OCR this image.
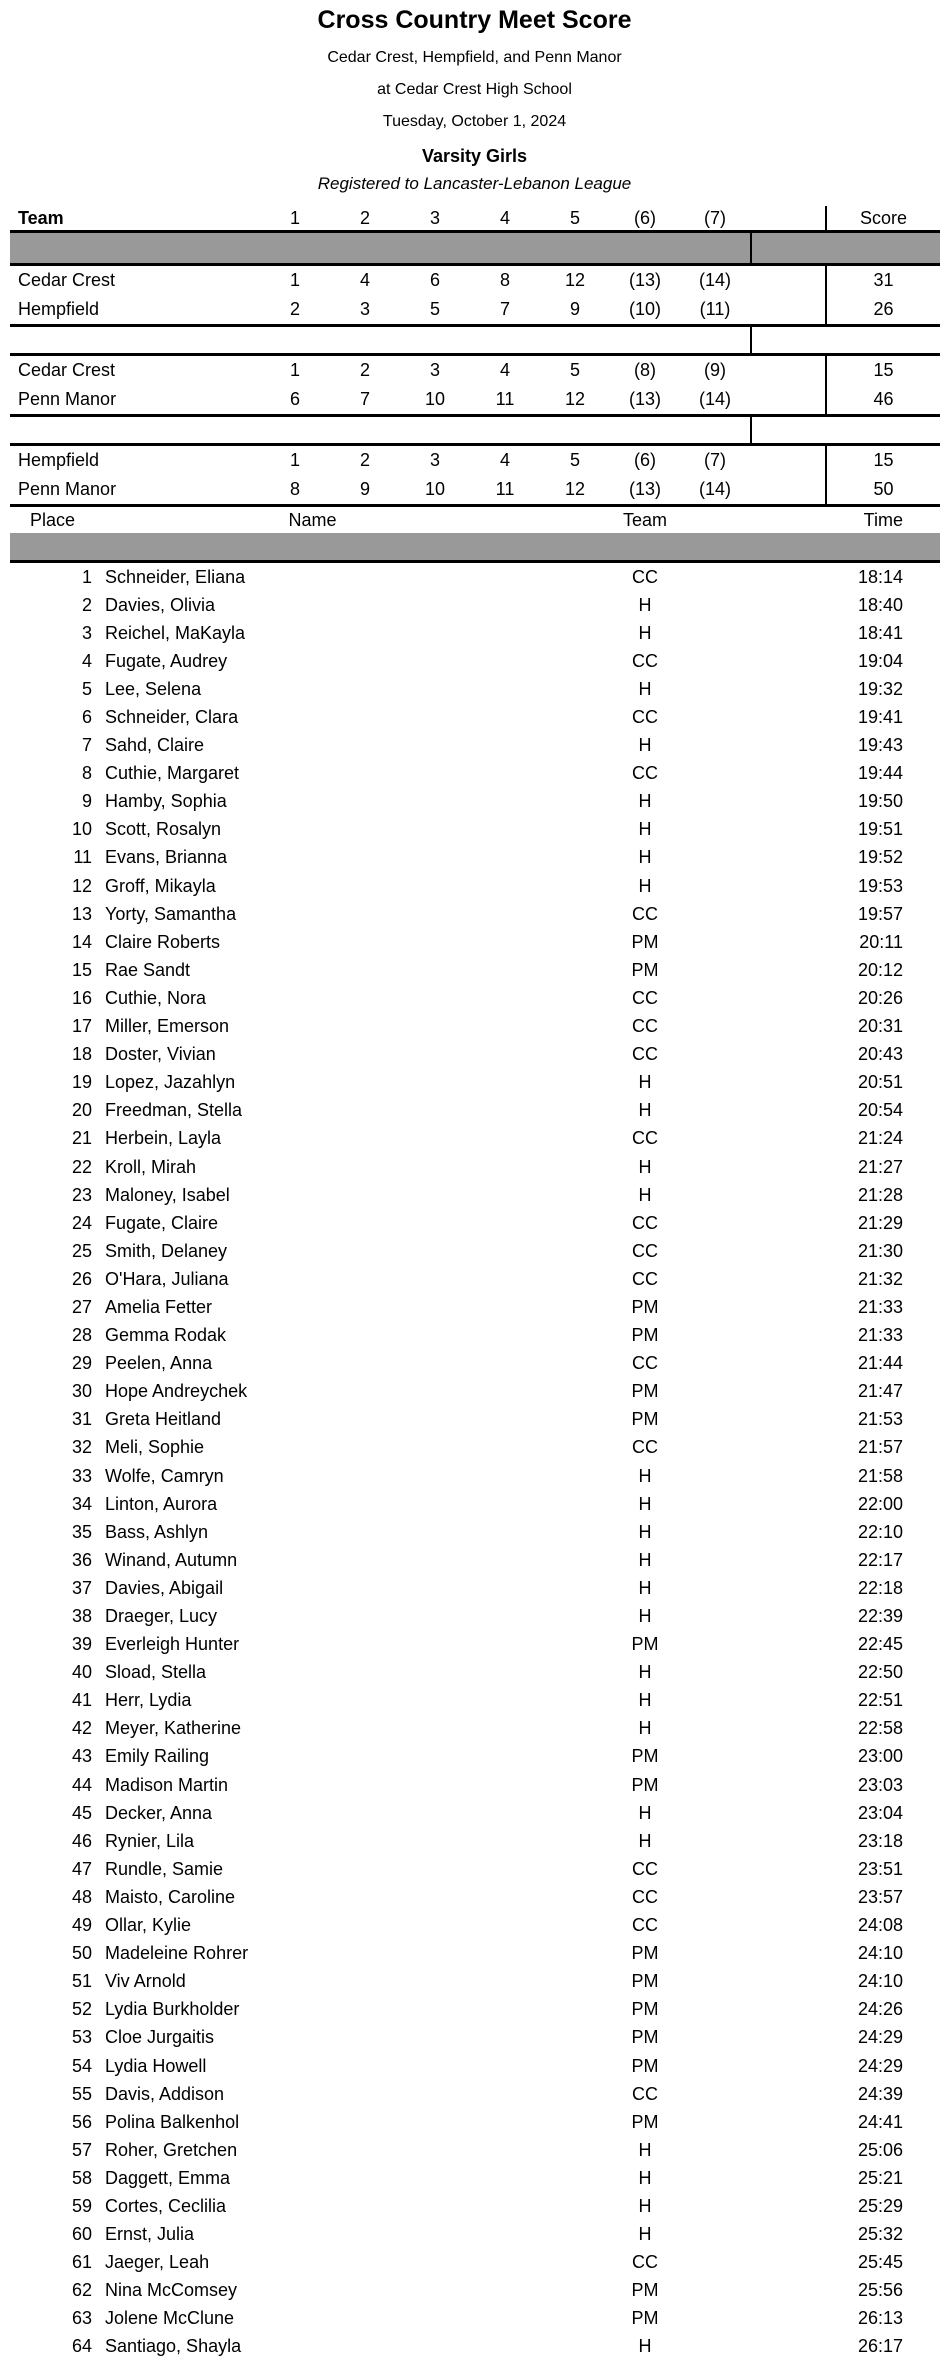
Cross Country Meet Score
Cedar Crest, Hempfield, and Penn Manor
at Cedar Crest High School
Tuesday, October 1, 2024
Varsity Girls
Registered to Lancaster-Lebanon League
Team	1	2	3	4	5	(6)	(7)	Score
Cedar Crest	1	4	6	8	12	(13)	(14)	31
Hempfield	2	3	5	7	9	(10)	(11)	26
Cedar Crest	1	2	3	4	5	(8)	(9)	15
Penn Manor	6	7	10	11	12	(13)	(14)	46
Hempfield	1	2	3	4	5	(6)	(7)	15
Penn Manor	8	9	10	11	12	(13)	(14)	50
Place	Name	Team	Time
1 Schneider, Eliana	CC	18:14
2 Davies, Olivia	H	18:40
3 Reichel, MaKayla	H	18:41
4 Fugate, Audrey	CC	19:04
5 Lee, Selena	H	19:32
6 Schneider, Clara	CC	19:41
7 Sahd, Claire	H	19:43
8 Cuthie, Margaret	CC	19:44
9 Hamby, Sophia	H	19:50
10 Scott, Rosalyn	H	19:51
11 Evans, Brianna	H	19:52
12 Groff, Mikayla	H	19:53
13 Yorty, Samantha	CC	19:57
14 Claire Roberts	PM	20:11
15 Rae Sandt	PM	20:12
16 Cuthie, Nora	CC	20:26
17 Miller, Emerson	CC	20:31
18 Doster, Vivian	CC	20:43
19 Lopez, Jazahlyn	H	20:51
20 Freedman, Stella	H	20:54
21 Herbein, Layla	CC	21:24
22 Kroll, Mirah	H	21:27
23 Maloney, Isabel	H	21:28
24 Fugate, Claire	CC	21:29
25 Smith, Delaney	CC	21:30
26 O'Hara, Juliana	CC	21:32
27 Amelia Fetter	PM	21:33
28 Gemma Rodak	PM	21:33
29 Peelen, Anna	CC	21:44
30 Hope Andreychek	PM	21:47
31 Greta Heitland	PM	21:53
32 Meli, Sophie	CC	21:57
33 Wolfe, Camryn	H	21:58
34 Linton, Aurora	H	22:00
35 Bass, Ashlyn	H	22:10
36 Winand, Autumn	H	22:17
37 Davies, Abigail	H	22:18
38 Draeger, Lucy	H	22:39
39 Everleigh Hunter	PM	22:45
40 Sload, Stella	H	22:50
41 Herr, Lydia	H	22:51
42 Meyer, Katherine	H	22:58
43 Emily Railing	PM	23:00
44 Madison Martin	PM	23:03
45 Decker, Anna	H	23:04
46 Rynier, Lila	H	23:18
47 Rundle, Samie	CC	23:51
48 Maisto, Caroline	CC	23:57
49 Ollar, Kylie	CC	24:08
50 Madeleine Rohrer	PM	24:10
51 Viv Arnold	PM	24:10
52 Lydia Burkholder	PM	24:26
53 Cloe Jurgaitis	PM	24:29
54 Lydia Howell	PM	24:29
55 Davis, Addison	CC	24:39
56 Polina Balkenhol	PM	24:41
57 Roher, Gretchen	H	25:06
58 Daggett, Emma	H	25:21
59 Cortes, Ceclilia	H	25:29
60 Ernst, Julia	H	25:32
61 Jaeger, Leah	CC	25:45
62 Nina McComsey	PM	25:56
63 Jolene McClune	PM	26:13
64 Santiago, Shayla	H	26:17
